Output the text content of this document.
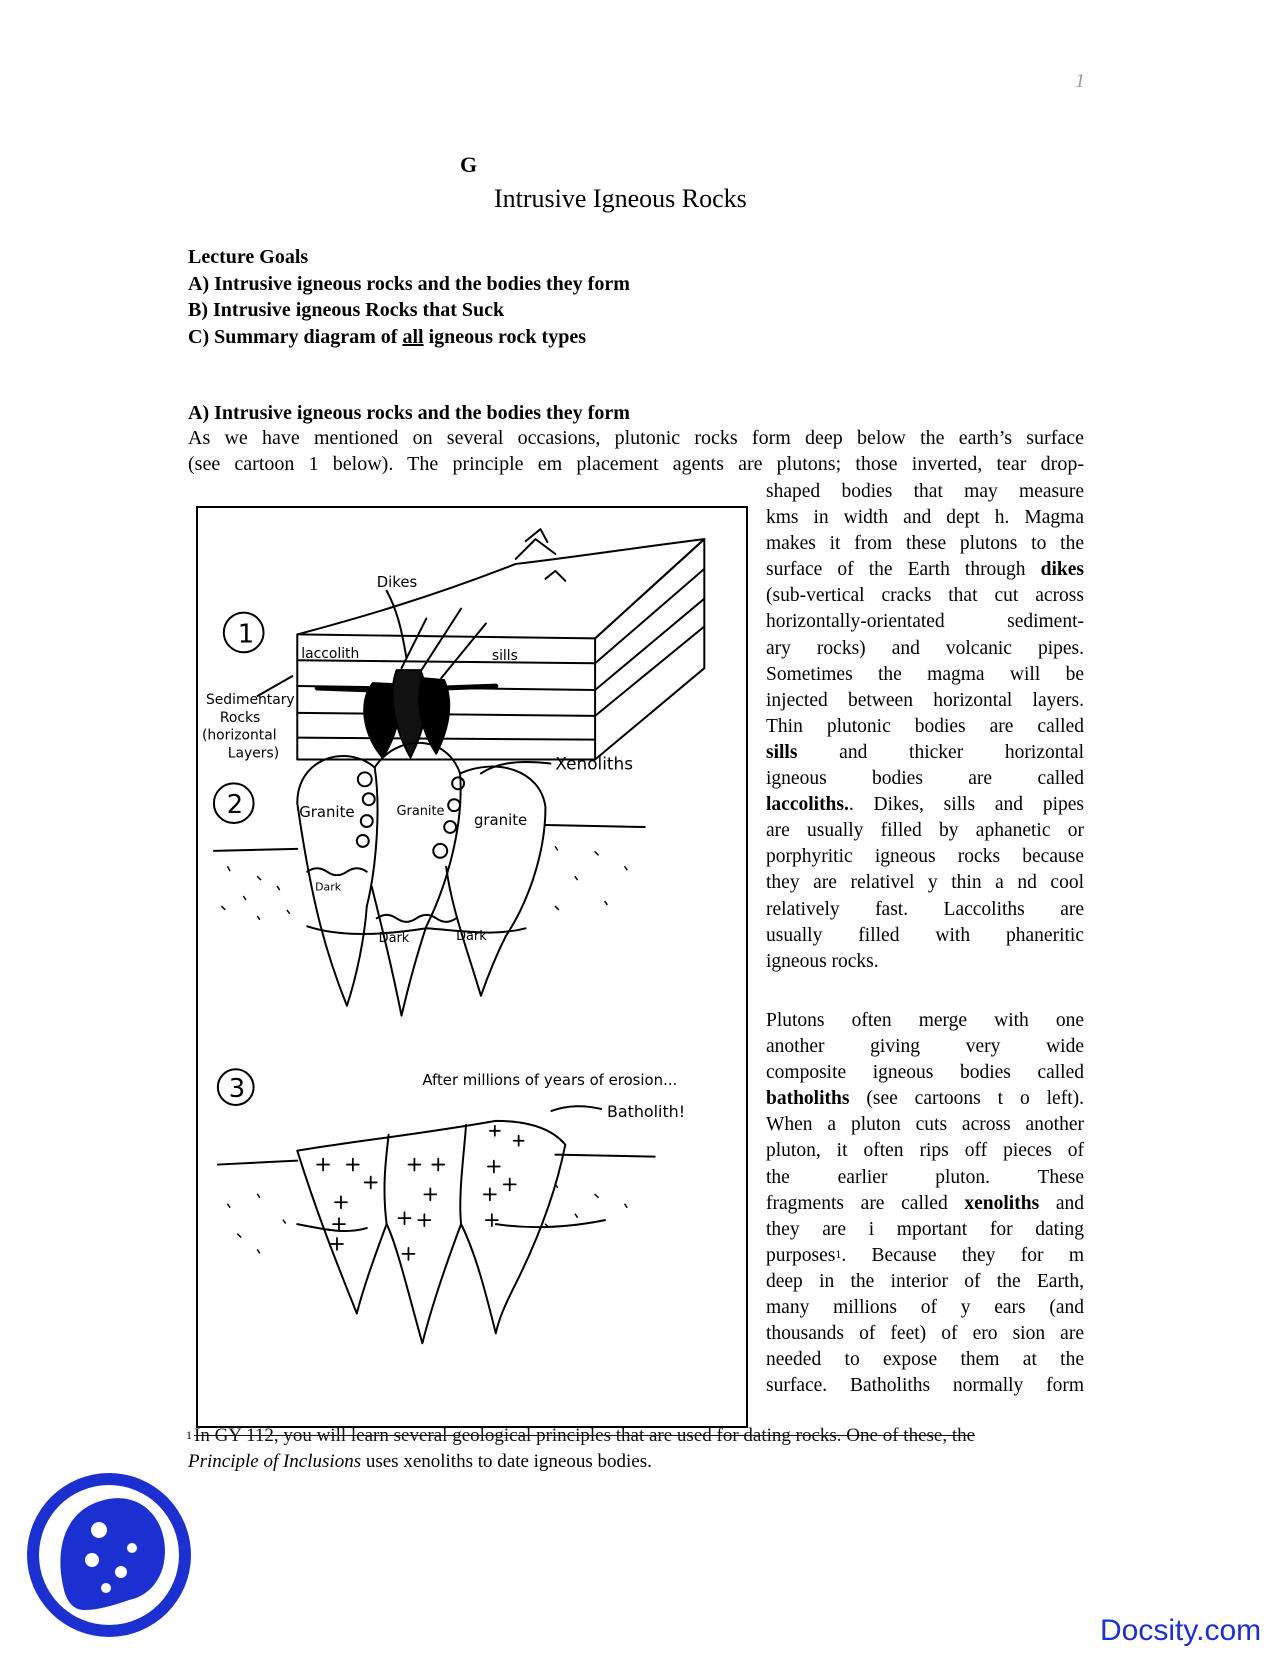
1
G
Intrusive Igneous Rocks
Lecture Goals
A) Intrusive igneous rocks and the bodies they form
B) Intrusive igneous Rocks that Suck
C) Summary diagram of all igneous rock types
A) Intrusive igneous rocks and the bodies they form
As we have mentioned on several occasions, plutonic rocks form deep below the earth’s surface
(see cartoon 1 below). The principle em placement agents are plutons; those inverted, tear drop-
shaped bodies that may measure
kms in width and dept h. Magma
makes it from these plutons to the
surface of the Earth through dikes
(sub-vertical cracks that cut across
horizontally-orientated sediment-
ary rocks) and volcanic pipes.
Sometimes the magma will be
injected between horizontal layers.
Thin plutonic bodies are called
sills and thicker horizontal
igneous bodies are called
laccoliths.. Dikes, sills and pipes
are usually filled by aphanetic or
porphyritic igneous rocks because
they are relativel y thin a nd cool
relatively fast. Laccoliths are
usually filled with phaneritic
igneous rocks.
Plutons often merge with one
another giving very wide
composite igneous bodies called
batholiths (see cartoons t o left).
When a pluton cuts across another
pluton, it often rips off pieces of
the earlier pluton. These
fragments are called xenoliths and
they are i mportant for dating
purposes$^1$. Because they for m
deep in the interior of the Earth,
many millions of y ears (and
thousands of feet) of ero sion are
needed to expose them at the
surface. Batholiths normally form
1
Dikes
laccolith	sills
Sedimentary
Rocks
(horizontal
Layers)
2
Xenoliths
Granite	Granite granite
Dark
Dark	Dark
3	After millions of years of erosion...
Batholith!
1 In GY 112, you will learn several geological principles that are used for dating rocks. One of these, the
Principle of Inclusions uses xenoliths to date igneous bodies.
Docsity.com
